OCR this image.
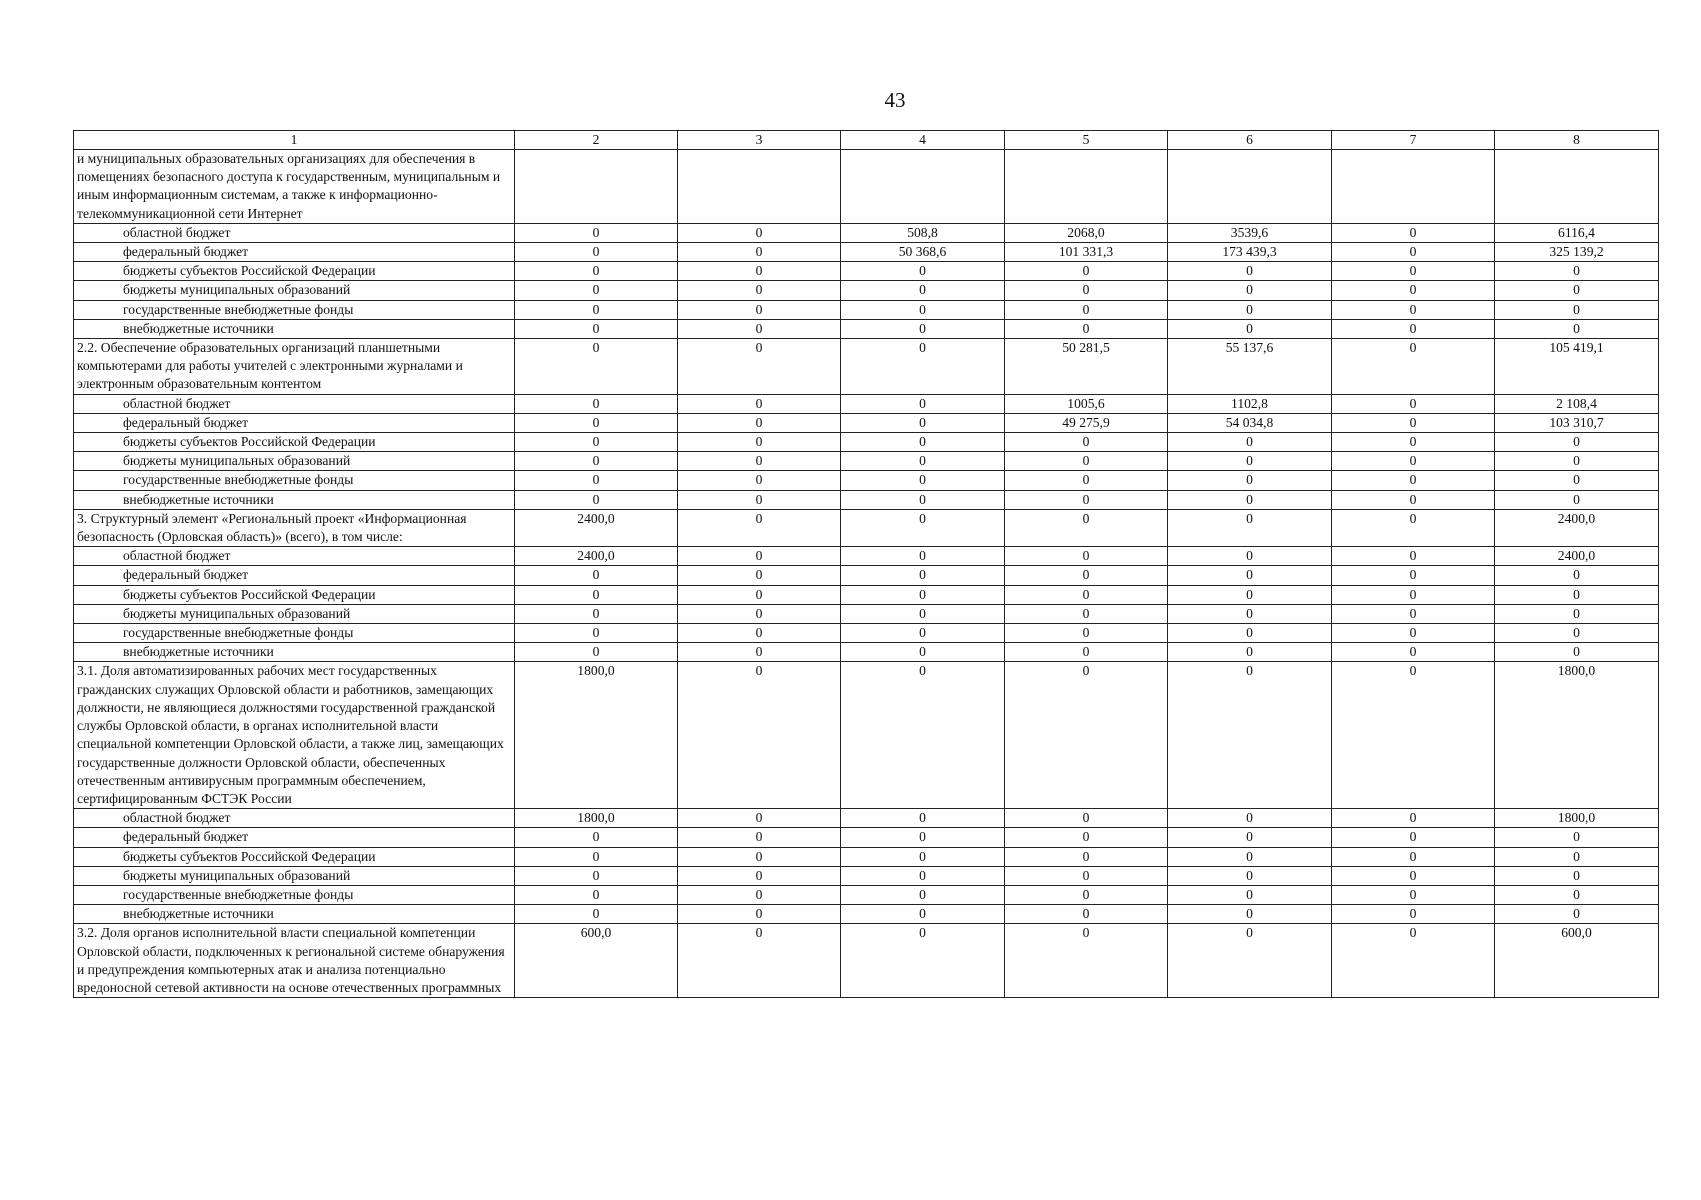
43
1	2	3	4	5	6	7	8
и муниципальных образовательных организациях для обеспечения в помещениях безопасного доступа к государственным, муниципальным и иным информационным системам, а также к информационно-телекоммуникационной сети Интернет							
областной бюджет	0	0	508,8	2068,0	3539,6	0	6116,4
федеральный бюджет	0	0	50 368,6	101 331,3	173 439,3	0	325 139,2
бюджеты субъектов Российской Федерации	0	0	0	0	0	0	0
бюджеты муниципальных образований	0	0	0	0	0	0	0
государственные внебюджетные фонды	0	0	0	0	0	0	0
внебюджетные источники	0	0	0	0	0	0	0
2.2. Обеспечение образовательных организаций планшетными компьютерами для работы учителей с электронными журналами и электронным образовательным контентом	0	0	0	50 281,5	55 137,6	0	105 419,1
областной бюджет	0	0	0	1005,6	1102,8	0	2 108,4
федеральный бюджет	0	0	0	49 275,9	54 034,8	0	103 310,7
бюджеты субъектов Российской Федерации	0	0	0	0	0	0	0
бюджеты муниципальных образований	0	0	0	0	0	0	0
государственные внебюджетные фонды	0	0	0	0	0	0	0
внебюджетные источники	0	0	0	0	0	0	0
3. Структурный элемент «Региональный проект «Информационная безопасность (Орловская область)» (всего), в том числе:	2400,0	0	0	0	0	0	2400,0
областной бюджет	2400,0	0	0	0	0	0	2400,0
федеральный бюджет	0	0	0	0	0	0	0
бюджеты субъектов Российской Федерации	0	0	0	0	0	0	0
бюджеты муниципальных образований	0	0	0	0	0	0	0
государственные внебюджетные фонды	0	0	0	0	0	0	0
внебюджетные источники	0	0	0	0	0	0	0
3.1. Доля автоматизированных рабочих мест государственных гражданских служащих Орловской области и работников, замещающих должности, не являющиеся должностями государственной гражданской службы Орловской области, в органах исполнительной власти специальной компетенции Орловской области, а также лиц, замещающих государственные должности Орловской области, обеспеченных отечественным антивирусным программным обеспечением, сертифицированным ФСТЭК России	1800,0	0	0	0	0	0	1800,0
областной бюджет	1800,0	0	0	0	0	0	1800,0
федеральный бюджет	0	0	0	0	0	0	0
бюджеты субъектов Российской Федерации	0	0	0	0	0	0	0
бюджеты муниципальных образований	0	0	0	0	0	0	0
государственные внебюджетные фонды	0	0	0	0	0	0	0
внебюджетные источники	0	0	0	0	0	0	0
3.2. Доля органов исполнительной власти специальной компетенции Орловской области, подключенных к региональной системе обнаружения и предупреждения компьютерных атак и анализа потенциально вредоносной сетевой активности на основе отечественных программных	600,0	0	0	0	0	0	600,0
